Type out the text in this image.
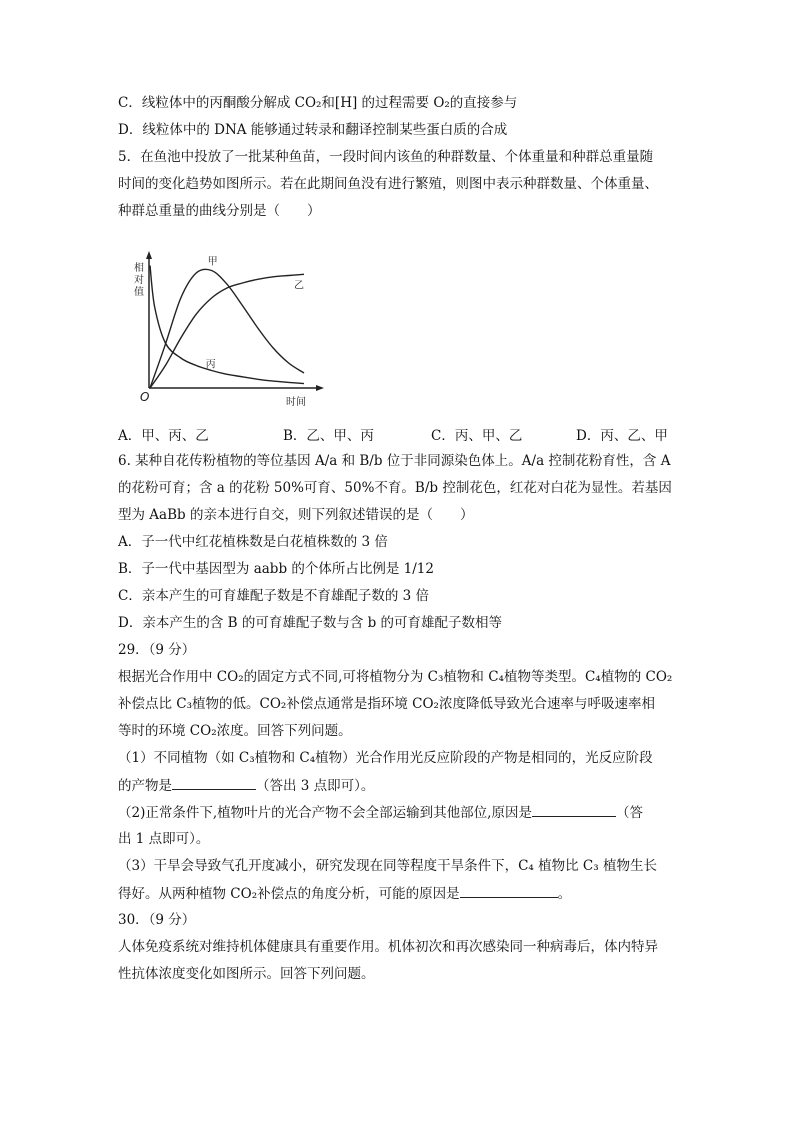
C．线粒体中的丙酮酸分解成 CO₂和[H] 的过程需要 O₂的直接参与
D．线粒体中的 DNA 能够通过转录和翻译控制某些蛋白质的合成
5．在鱼池中投放了一批某种鱼苗，一段时间内该鱼的种群数量、个体重量和种群总重量随
时间的变化趋势如图所示。若在此期间鱼没有进行繁殖，则图中表示种群数量、个体重量、
种群总重量的曲线分别是（　　）
相
对
值
时间
O
甲
乙
丙
A．甲、丙、乙	B．乙、甲、丙	C．丙、甲、乙	D．丙、乙、甲
6. 某种自花传粉植物的等位基因 A/a 和 B/b 位于非同源染色体上。A/a 控制花粉育性，含 A
的花粉可育；含 a 的花粉 50%可育、50%不育。B/b 控制花色，红花对白花为显性。若基因
型为 AaBb 的亲本进行自交，则下列叙述错误的是（　　）
A．子一代中红花植株数是白花植株数的 3 倍
B．子一代中基因型为 aabb 的个体所占比例是 1/12
C．亲本产生的可育雄配子数是不育雄配子数的 3 倍
D．亲本产生的含 B 的可育雄配子数与含 b 的可育雄配子数相等
29．（9 分）
根据光合作用中 CO₂的固定方式不同,可将植物分为 C₃植物和 C₄植物等类型。C₄植物的 CO₂
补偿点比 C₃植物的低。CO₂补偿点通常是指环境 CO₂浓度降低导致光合速率与呼吸速率相
等时的环境 CO₂浓度。回答下列问题。
（1）不同植物（如 C₃植物和 C₄植物）光合作用光反应阶段的产物是相同的，光反应阶段
的产物是	（答出 3 点即可）。
（2)正常条件下,植物叶片的光合产物不会全部运输到其他部位,原因是	（答
出 1 点即可）。
（3）干旱会导致气孔开度减小，研究发现在同等程度干旱条件下，C₄ 植物比 C₃ 植物生长
得好。从两种植物 CO₂补偿点的角度分析，可能的原因是	。
30．（9 分）
人体免疫系统对维持机体健康具有重要作用。机体初次和再次感染同一种病毒后，体内特异
性抗体浓度变化如图所示。回答下列问题。
